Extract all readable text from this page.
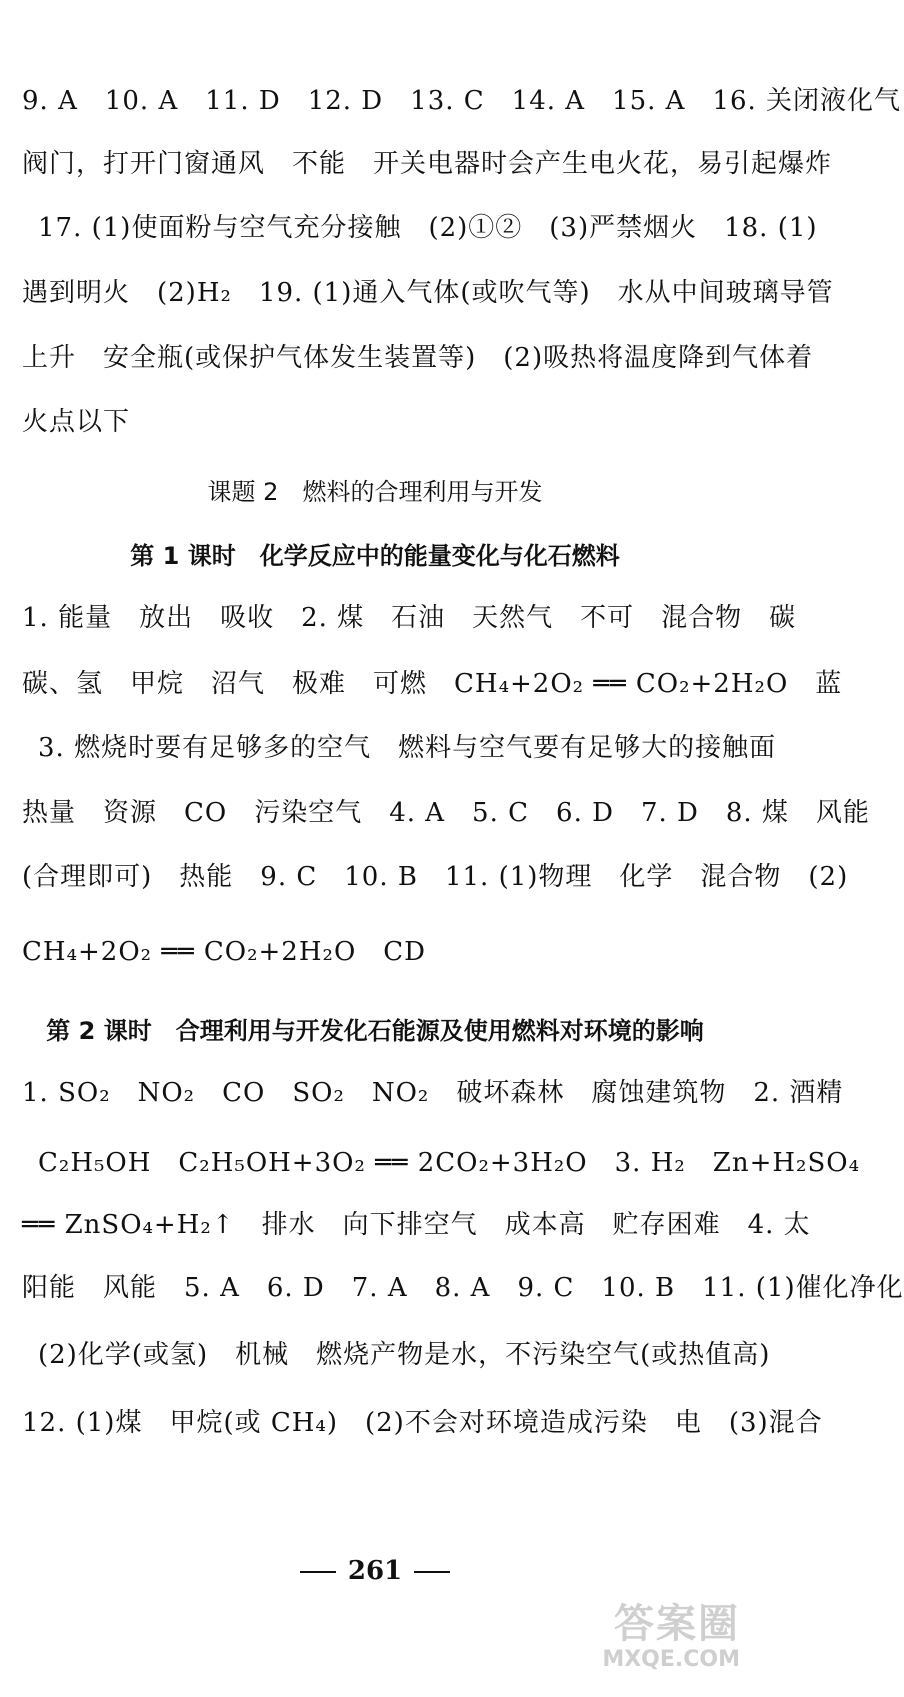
9. A　10. A　11. D　12. D　13. C　14. A　15. A　16. 关闭液化气
阀门，打开门窗通风　不能　开关电器时会产生电火花，易引起爆炸
17. (1)使面粉与空气充分接触　(2)①②　(3)严禁烟火　18. (1)
遇到明火　(2)H₂　19. (1)通入气体(或吹气等)　水从中间玻璃导管
上升　安全瓶(或保护气体发生装置等)　(2)吸热将温度降到气体着
火点以下
课题 2　燃料的合理利用与开发
第 1 课时　化学反应中的能量变化与化石燃料
1. 能量　放出　吸收　2. 煤　石油　天然气　不可　混合物　碳
碳、氢　甲烷　沼气　极难　可燃　CH₄+2O₂ ══ CO₂+2H₂O　蓝
3. 燃烧时要有足够多的空气　燃料与空气要有足够大的接触面
热量　资源　CO　污染空气　4. A　5. C　6. D　7. D　8. 煤　风能
(合理即可)　热能　9. C　10. B　11. (1)物理　化学　混合物　(2)
CH₄+2O₂ ══ CO₂+2H₂O　CD
第 2 课时　合理利用与开发化石能源及使用燃料对环境的影响
1. SO₂　NO₂　CO　SO₂　NO₂　破坏森林　腐蚀建筑物　2. 酒精
C₂H₅OH　C₂H₅OH+3O₂ ══ 2CO₂+3H₂O　3. H₂　Zn+H₂SO₄
══ ZnSO₄+H₂↑　排水　向下排空气　成本高　贮存困难　4. 太
阳能　风能　5. A　6. D　7. A　8. A　9. C　10. B　11. (1)催化净化
(2)化学(或氢)　机械　燃烧产物是水，不污染空气(或热值高)
12. (1)煤　甲烷(或 CH₄)　(2)不会对环境造成污染　电　(3)混合
261
答案圈
MXQE.COM
